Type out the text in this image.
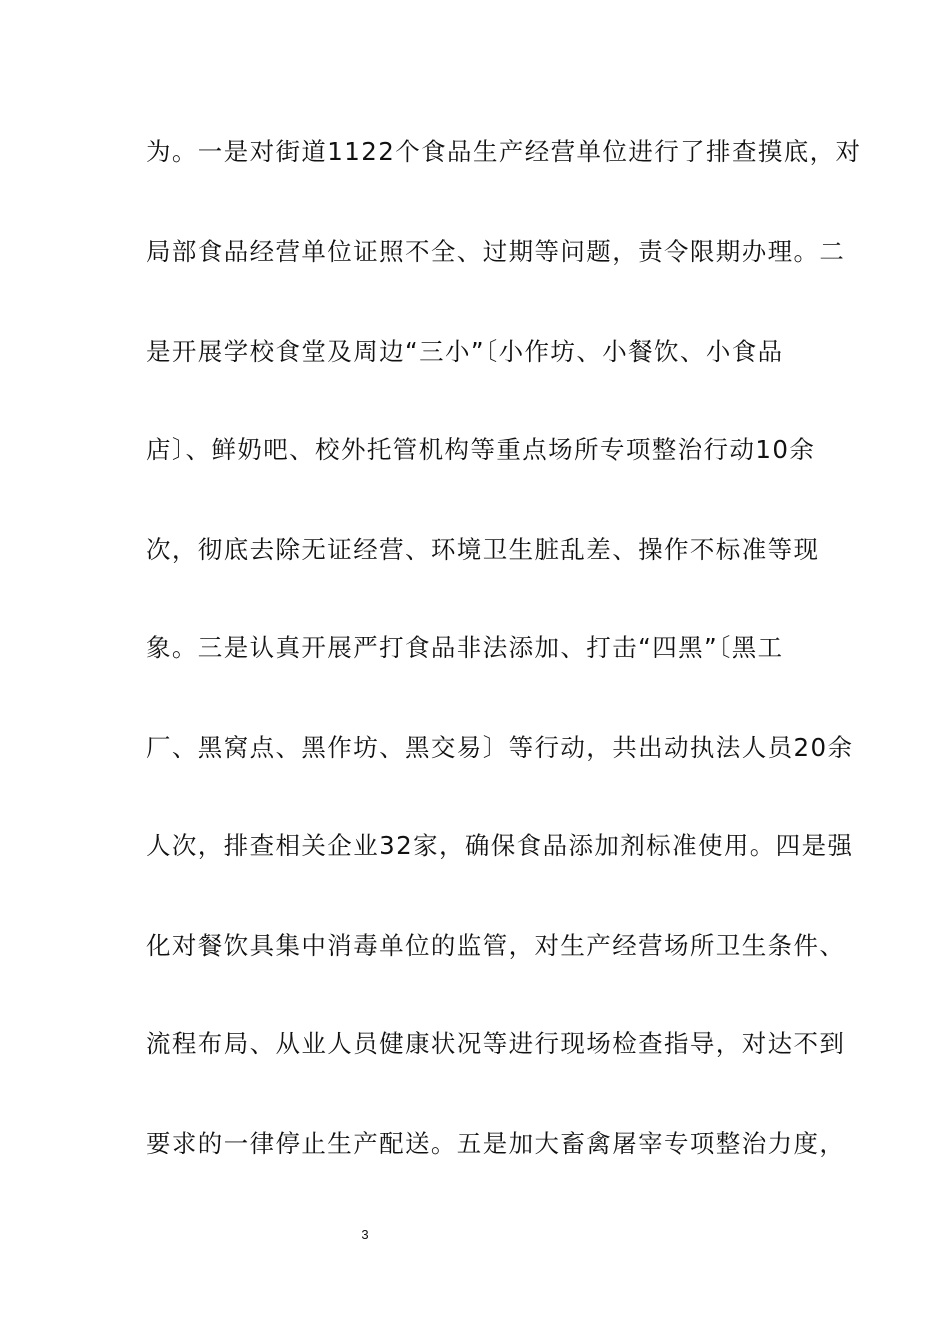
为。一是对街道1122个食品生产经营单位进行了排查摸底，对
局部食品经营单位证照不全、过期等问题，责令限期办理。二
是开展学校食堂及周边“三小”〔小作坊、小餐饮、小食品
店〕、鲜奶吧、校外托管机构等重点场所专项整治行动10余
次，彻底去除无证经营、环境卫生脏乱差、操作不标准等现
象。三是认真开展严打食品非法添加、打击“四黑”〔黑工
厂、黑窝点、黑作坊、黑交易〕等行动，共出动执法人员20余
人次，排查相关企业32家，确保食品添加剂标准使用。四是强
化对餐饮具集中消毒单位的监管，对生产经营场所卫生条件、
流程布局、从业人员健康状况等进行现场检查指导，对达不到
要求的一律停止生产配送。五是加大畜禽屠宰专项整治力度，
3
